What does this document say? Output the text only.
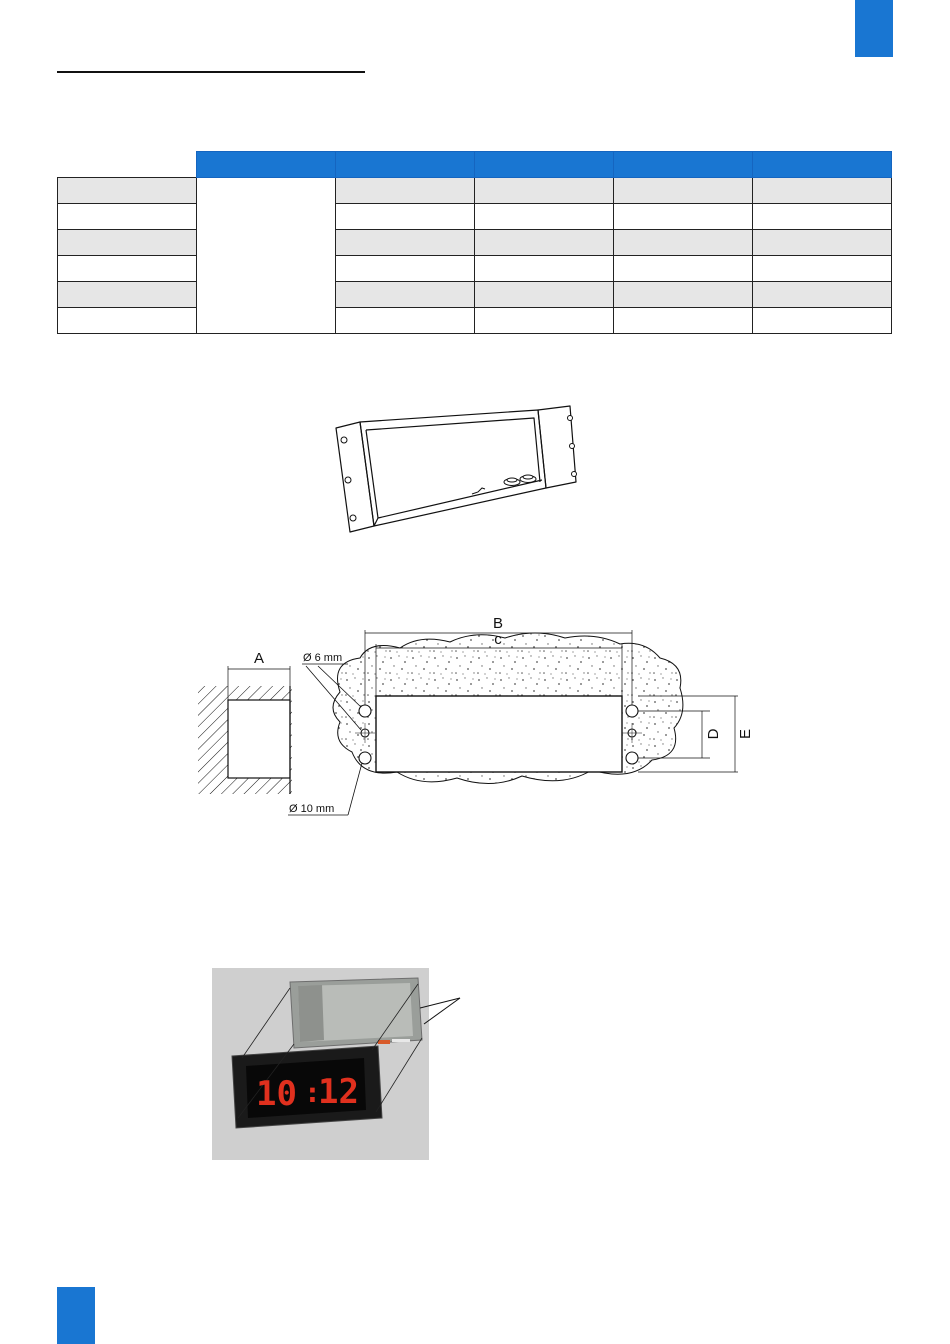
A
B
c
D E
Ø 6 mm
Ø 10 mm
10 :
12
